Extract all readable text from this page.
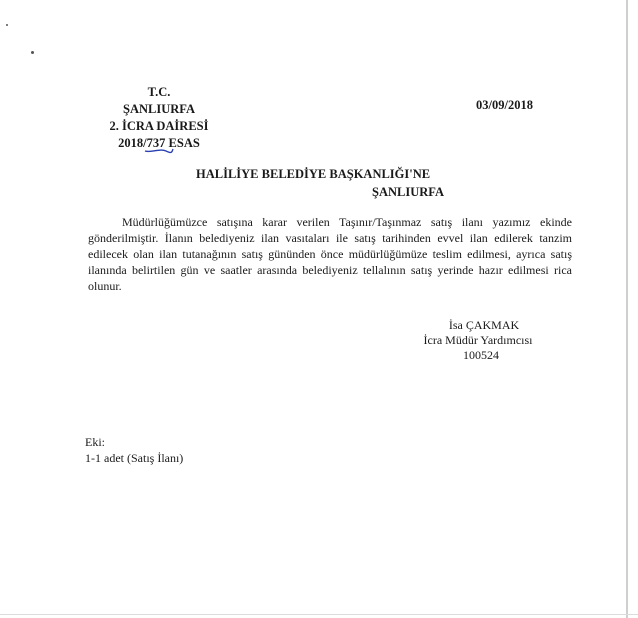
T.C.
ŞANLIURFA
2. İCRA DAİRESİ
2018/737 ESAS
03/09/2018
HALİLİYE BELEDİYE BAŞKANLIĞI'NE
ŞANLIURFA
Müdürlüğümüzce satışına karar verilen Taşınır/Taşınmaz satış ilanı yazımız ekinde gönderilmiştir. İlanın belediyeniz ilan vasıtaları ile satış tarihinden evvel ilan edilerek tanzim edilecek olan ilan tutanağının satış gününden önce müdürlüğümüze teslim edilmesi, ayrıca satış ilanında belirtilen gün ve saatler arasında belediyeniz tellalının satış yerinde hazır edilmesi rica olunur.
İsa ÇAKMAK
İcra Müdür Yardımcısı
100524
Eki:
1-1 adet (Satış İlanı)
